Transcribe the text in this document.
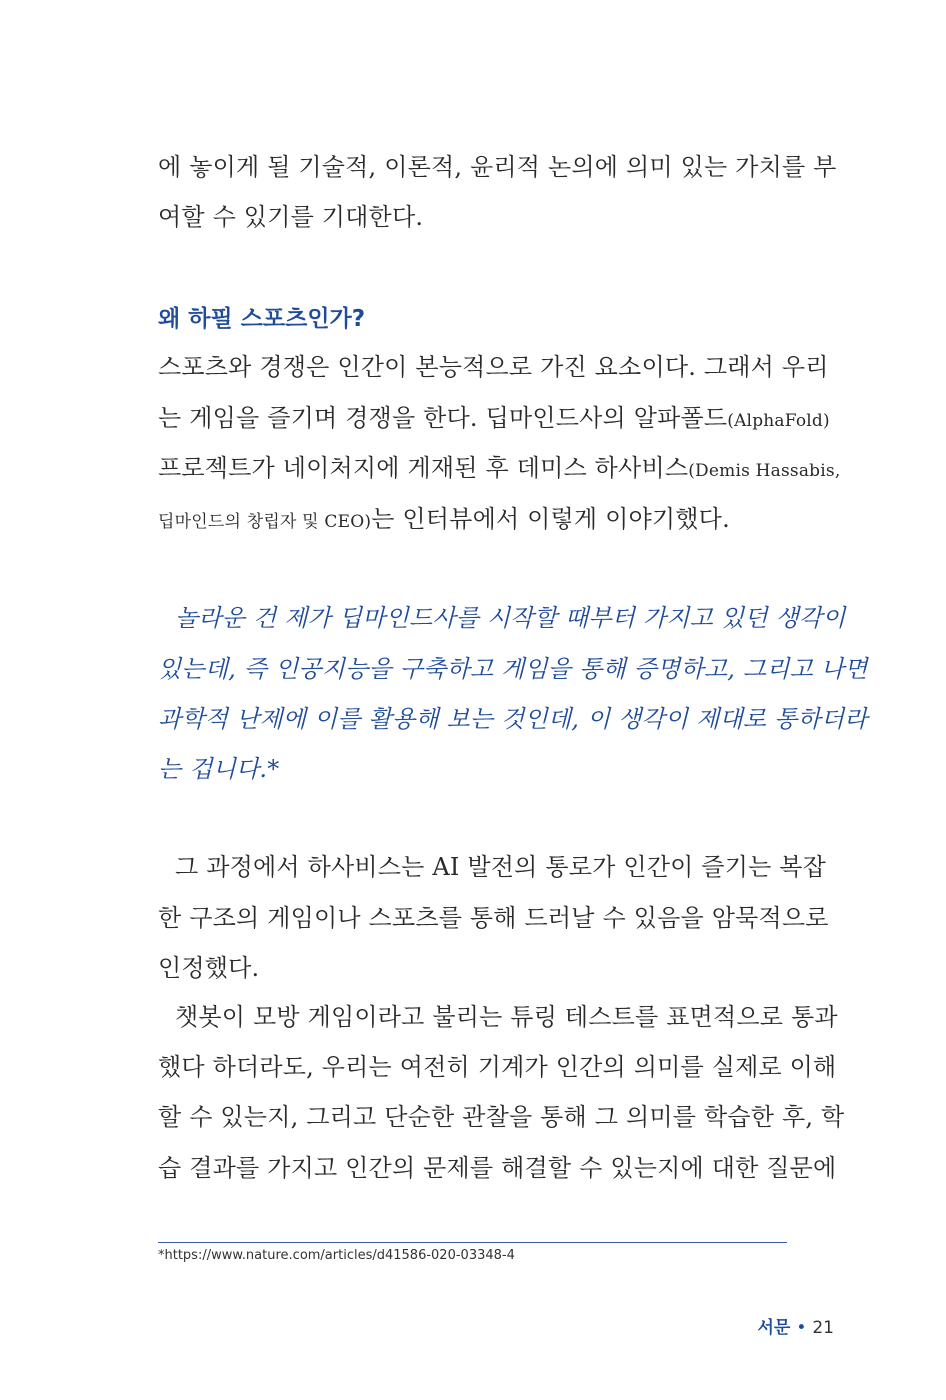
에 놓이게 될 기술적, 이론적, 윤리적 논의에 의미 있는 가치를 부
여할 수 있기를 기대한다.
왜 하필 스포츠인가?
스포츠와 경쟁은 인간이 본능적으로 가진 요소이다. 그래서 우리
는 게임을 즐기며 경쟁을 한다. 딥마인드사의 알파폴드(AlphaFold)
프로젝트가 네이처지에 게재된 후 데미스 하사비스(Demis Hassabis,
딥마인드의 창립자 및 CEO)는 인터뷰에서 이렇게 이야기했다.
놀라운 건 제가 딥마인드사를 시작할 때부터 가지고 있던 생각이
있는데, 즉 인공지능을 구축하고 게임을 통해 증명하고, 그리고 나면
과학적 난제에 이를 활용해 보는 것인데, 이 생각이 제대로 통하더라
는 겁니다.*
그 과정에서 하사비스는 AI 발전의 통로가 인간이 즐기는 복잡
한 구조의 게임이나 스포츠를 통해 드러날 수 있음을 암묵적으로
인정했다.
챗봇이 모방 게임이라고 불리는 튜링 테스트를 표면적으로 통과
했다 하더라도, 우리는 여전히 기계가 인간의 의미를 실제로 이해
할 수 있는지, 그리고 단순한 관찰을 통해 그 의미를 학습한 후, 학
습 결과를 가지고 인간의 문제를 해결할 수 있는지에 대한 질문에
*https://www.nature.com/articles/d41586-020-03348-4
서문 • 21
